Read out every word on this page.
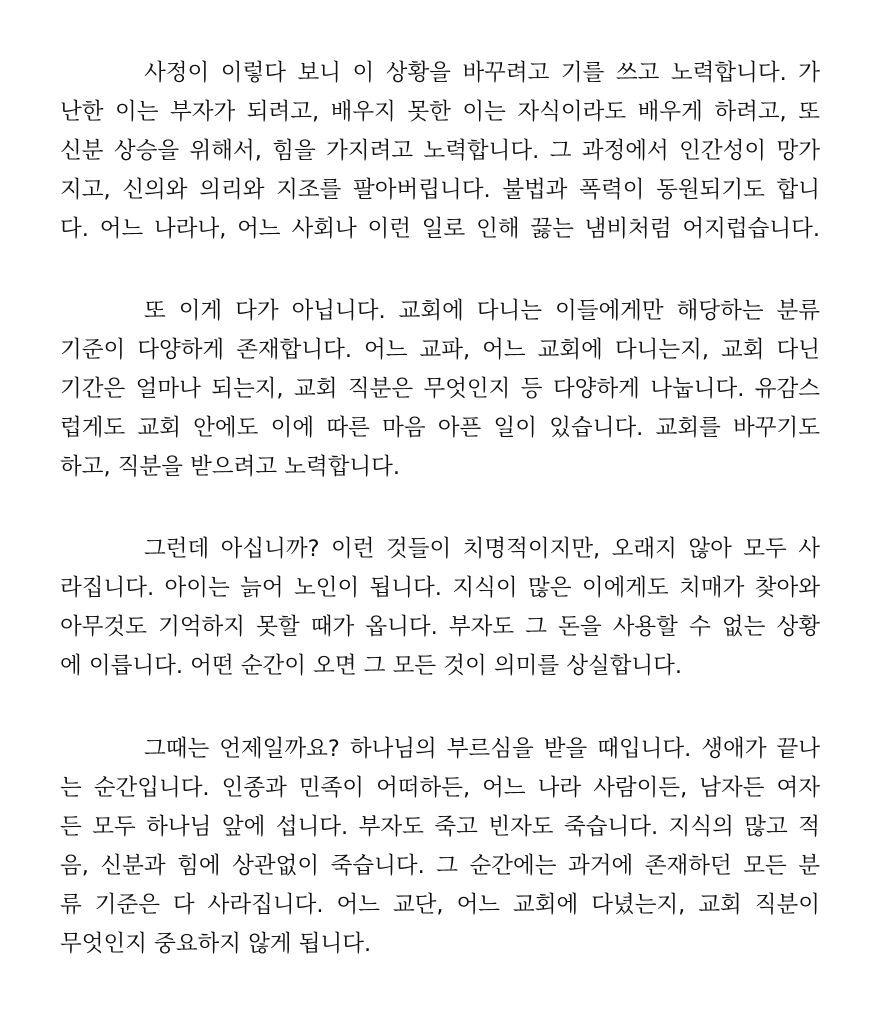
사정이 이렇다 보니 이 상황을 바꾸려고 기를 쓰고 노력합니다. 가
난한 이는 부자가 되려고, 배우지 못한 이는 자식이라도 배우게 하려고, 또
신분 상승을 위해서, 힘을 가지려고 노력합니다. 그 과정에서 인간성이 망가
지고, 신의와 의리와 지조를 팔아버립니다. 불법과 폭력이 동원되기도 합니
다. 어느 나라나, 어느 사회나 이런 일로 인해 끓는 냄비처럼 어지럽습니다.
또 이게 다가 아닙니다. 교회에 다니는 이들에게만 해당하는 분류
기준이 다양하게 존재합니다. 어느 교파, 어느 교회에 다니는지, 교회 다닌
기간은 얼마나 되는지, 교회 직분은 무엇인지 등 다양하게 나눕니다. 유감스
럽게도 교회 안에도 이에 따른 마음 아픈 일이 있습니다. 교회를 바꾸기도
하고, 직분을 받으려고 노력합니다.
그런데 아십니까? 이런 것들이 치명적이지만, 오래지 않아 모두 사
라집니다. 아이는 늙어 노인이 됩니다. 지식이 많은 이에게도 치매가 찾아와
아무것도 기억하지 못할 때가 옵니다. 부자도 그 돈을 사용할 수 없는 상황
에 이릅니다. 어떤 순간이 오면 그 모든 것이 의미를 상실합니다.
그때는 언제일까요? 하나님의 부르심을 받을 때입니다. 생애가 끝나
는 순간입니다. 인종과 민족이 어떠하든, 어느 나라 사람이든, 남자든 여자
든 모두 하나님 앞에 섭니다. 부자도 죽고 빈자도 죽습니다. 지식의 많고 적
음, 신분과 힘에 상관없이 죽습니다. 그 순간에는 과거에 존재하던 모든 분
류 기준은 다 사라집니다. 어느 교단, 어느 교회에 다녔는지, 교회 직분이
무엇인지 중요하지 않게 됩니다.
